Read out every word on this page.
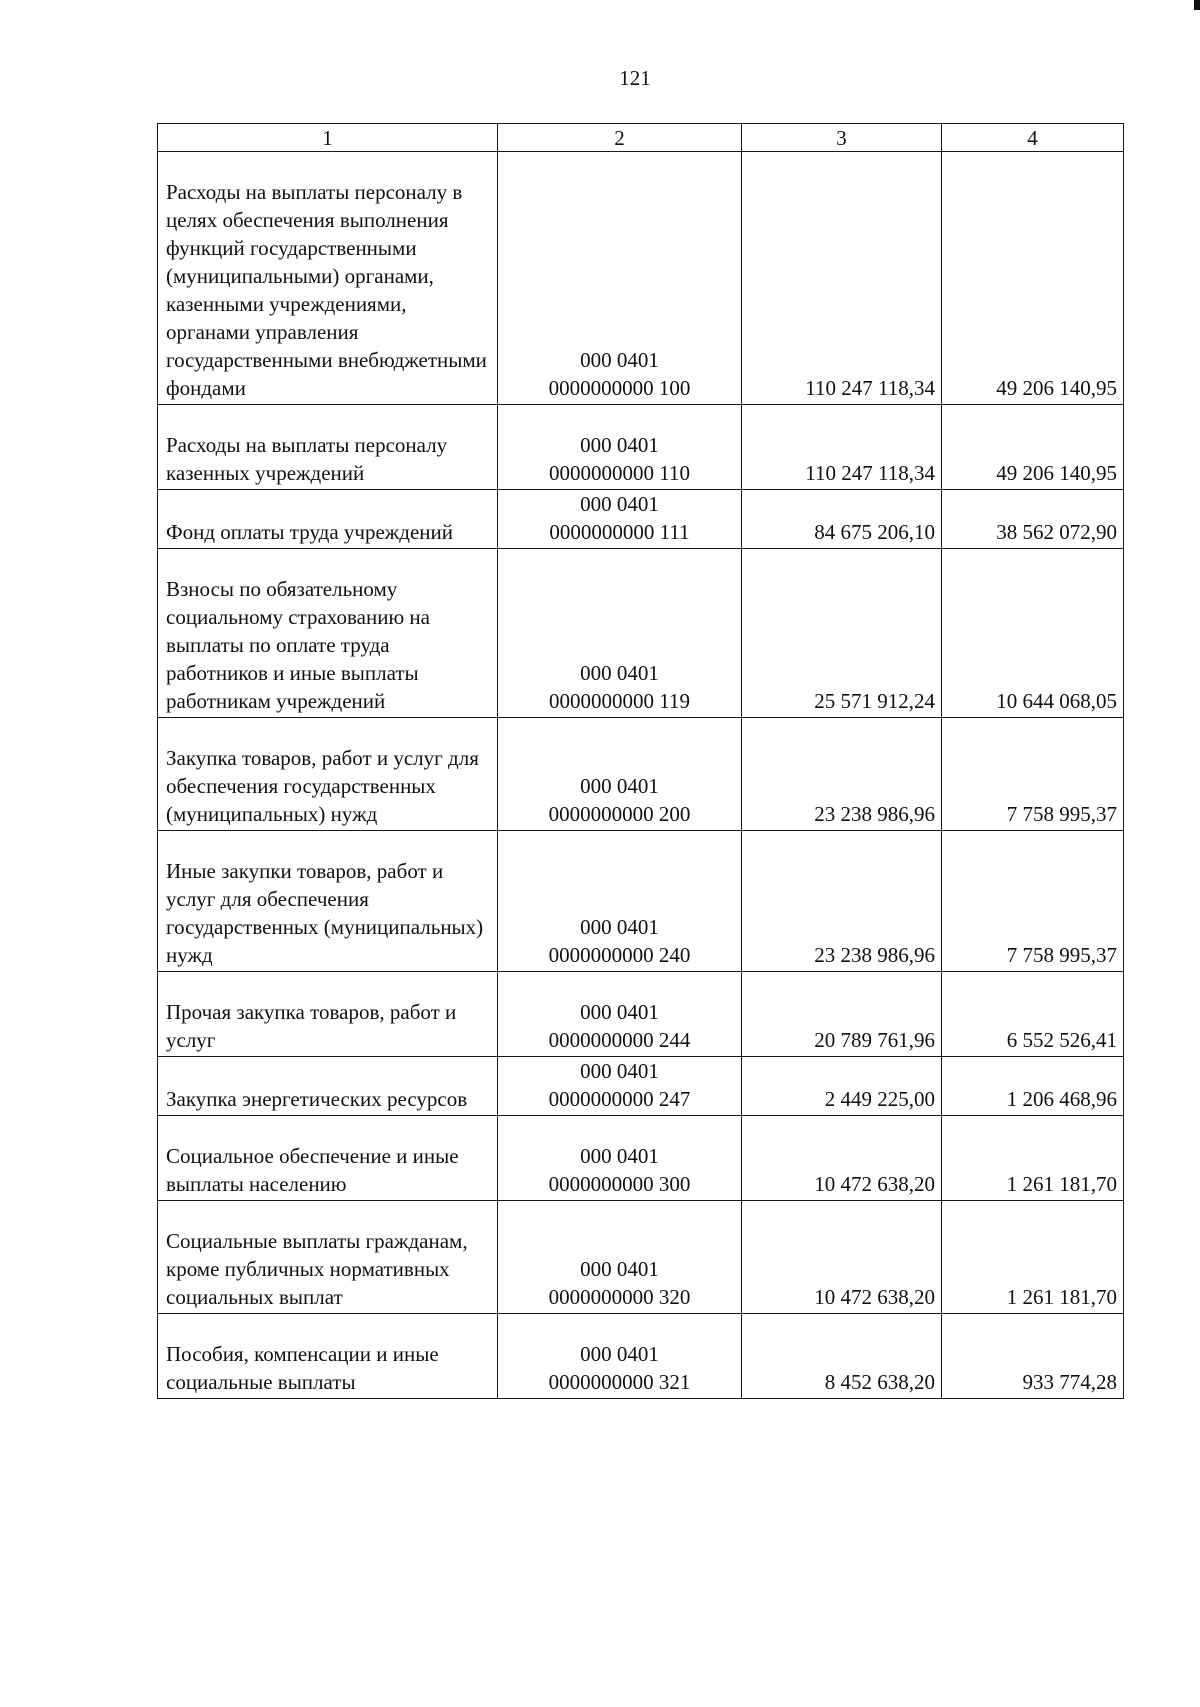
121
1	2	3	4
Расходы на выплаты персоналу в целях обеспечения выполнения функций государственными (муниципальными) органами, казенными учреждениями, органами управления государственными внебюджетными фондами	000 0401
0000000000 100	110 247 118,34	49 206 140,95
Расходы на выплаты персоналу казенных учреждений	000 0401
0000000000 110	110 247 118,34	49 206 140,95
Фонд оплаты труда учреждений	000 0401
0000000000 111	84 675 206,10	38 562 072,90
Взносы по обязательному социальному страхованию на выплаты по оплате труда работников и иные выплаты работникам учреждений	000 0401
0000000000 119	25 571 912,24	10 644 068,05
Закупка товаров, работ и услуг для обеспечения государственных (муниципальных) нужд	000 0401
0000000000 200	23 238 986,96	7 758 995,37
Иные закупки товаров, работ и услуг для обеспечения государственных (муниципальных) нужд	000 0401
0000000000 240	23 238 986,96	7 758 995,37
Прочая закупка товаров, работ и услуг	000 0401
0000000000 244	20 789 761,96	6 552 526,41
Закупка энергетических ресурсов	000 0401
0000000000 247	2 449 225,00	1 206 468,96
Социальное обеспечение и иные выплаты населению	000 0401
0000000000 300	10 472 638,20	1 261 181,70
Социальные выплаты гражданам, кроме публичных нормативных социальных выплат	000 0401
0000000000 320	10 472 638,20	1 261 181,70
Пособия, компенсации и иные социальные выплаты	000 0401
0000000000 321	8 452 638,20	933 774,28
